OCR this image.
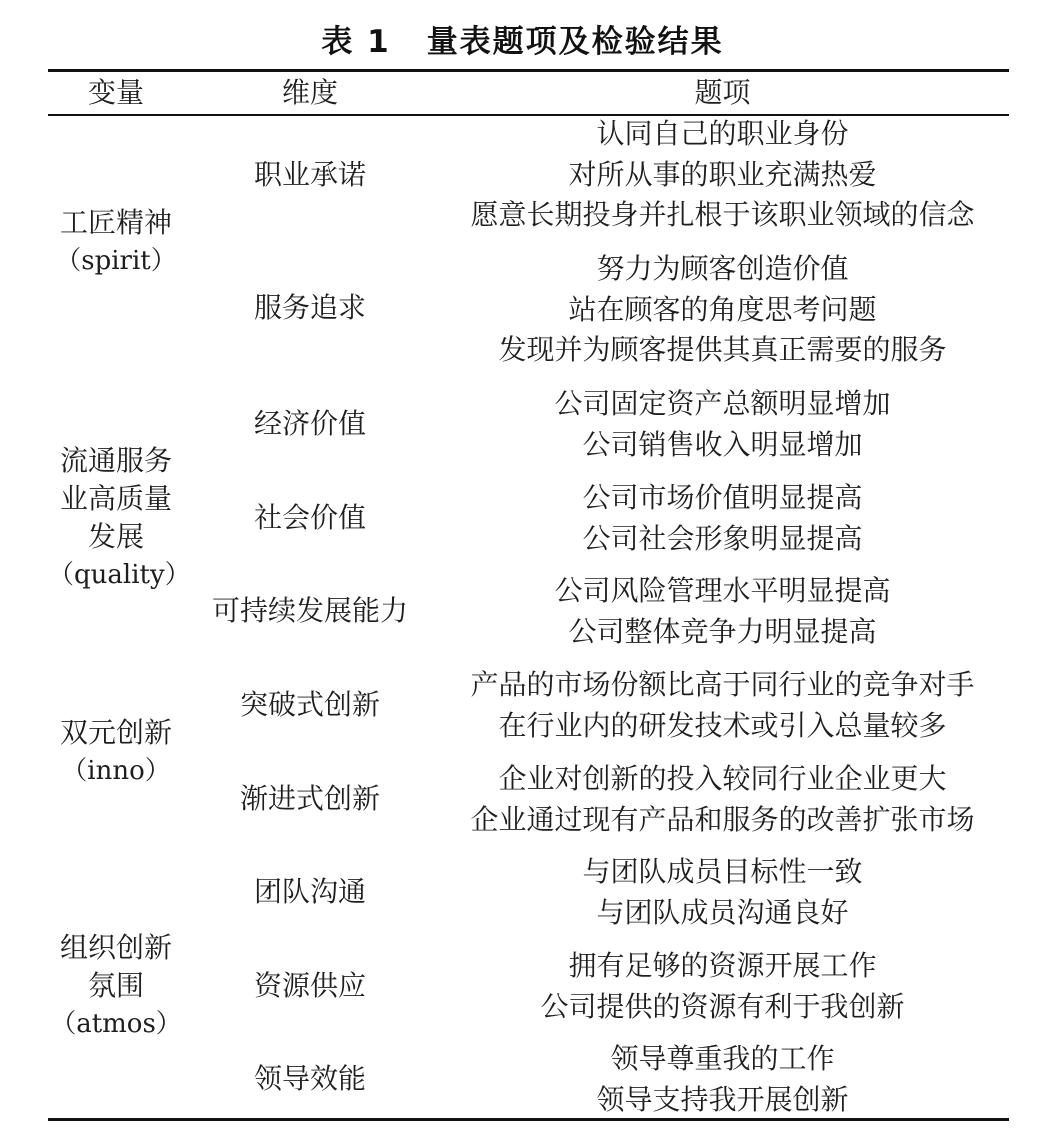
表 1 量表题项及检验结果
变量	维度	题项
工匠精神
（spirit）
职业承诺
认同自己的职业身份
对所从事的职业充满热爱
愿意长期投身并扎根于该职业领域的信念
服务追求
努力为顾客创造价值
站在顾客的角度思考问题
发现并为顾客提供其真正需要的服务
流通服务
业高质量
发展
（quality）
经济价值
公司固定资产总额明显增加
公司销售收入明显增加
社会价值
公司市场价值明显提高
公司社会形象明显提高
可持续发展能力
公司风险管理水平明显提高
公司整体竞争力明显提高
双元创新
（inno）
突破式创新
产品的市场份额比高于同行业的竞争对手
在行业内的研发技术或引入总量较多
渐进式创新
企业对创新的投入较同行业企业更大
企业通过现有产品和服务的改善扩张市场
组织创新
氛围
（atmos）
团队沟通
与团队成员目标性一致
与团队成员沟通良好
资源供应
拥有足够的资源开展工作
公司提供的资源有利于我创新
领导效能
领导尊重我的工作
领导支持我开展创新
